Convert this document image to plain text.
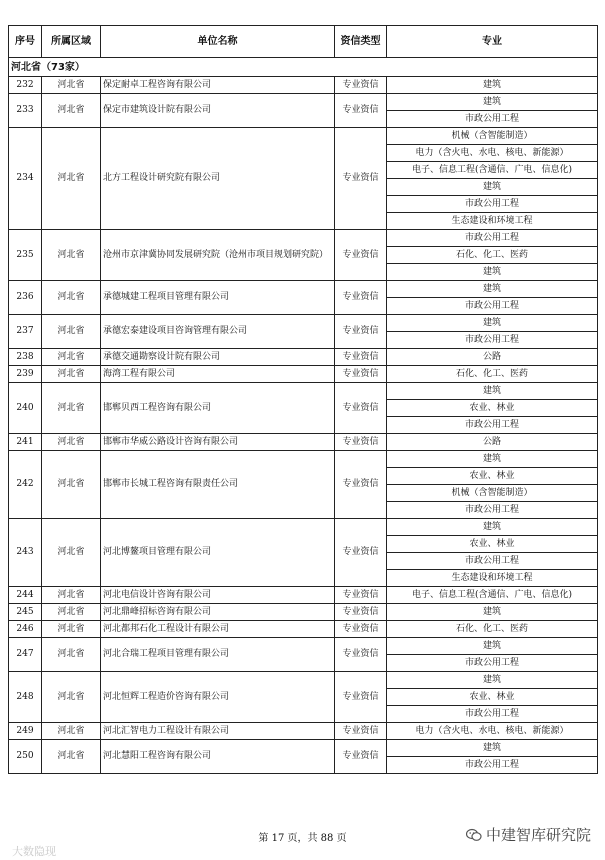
序号	所属区域	单位名称	资信类型	专业
河北省（73家）				
232	河北省	保定耐卓工程咨询有限公司	专业资信	建筑
233	河北省	保定市建筑设计院有限公司	专业资信	建筑
				市政公用工程
234	河北省	北方工程设计研究院有限公司	专业资信	机械（含智能制造）
				电力（含火电、水电、核电、新能源）
				电子、信息工程(含通信、广电、信息化)
				建筑
				市政公用工程
				生态建设和环境工程
235	河北省	沧州市京津冀协同发展研究院（沧州市项目规划研究院）	专业资信	市政公用工程
				石化、化工、医药
				建筑
236	河北省	承德城建工程项目管理有限公司	专业资信	建筑
				市政公用工程
237	河北省	承德宏泰建设项目咨询管理有限公司	专业资信	建筑
				市政公用工程
238	河北省	承德交通勘察设计院有限公司	专业资信	公路
239	河北省	海湾工程有限公司	专业资信	石化、化工、医药
240	河北省	邯郸贝西工程咨询有限公司	专业资信	建筑
				农业、林业
				市政公用工程
241	河北省	邯郸市华威公路设计咨询有限公司	专业资信	公路
242	河北省	邯郸市长城工程咨询有限责任公司	专业资信	建筑
				农业、林业
				机械（含智能制造）
				市政公用工程
243	河北省	河北博鳌项目管理有限公司	专业资信	建筑
				农业、林业
				市政公用工程
				生态建设和环境工程
244	河北省	河北电信设计咨询有限公司	专业资信	电子、信息工程(含通信、广电、信息化)
245	河北省	河北鼎峰招标咨询有限公司	专业资信	建筑
246	河北省	河北都邦石化工程设计有限公司	专业资信	石化、化工、医药
247	河北省	河北合瑞工程项目管理有限公司	专业资信	建筑
				市政公用工程
248	河北省	河北恒辉工程造价咨询有限公司	专业资信	建筑
				农业、林业
				市政公用工程
249	河北省	河北汇智电力工程设计有限公司	专业资信	电力（含火电、水电、核电、新能源）
250	河北省	河北慧阳工程咨询有限公司	专业资信	建筑
				市政公用工程
第 17 页，共 88 页
大数隐现
中建智库研究院
